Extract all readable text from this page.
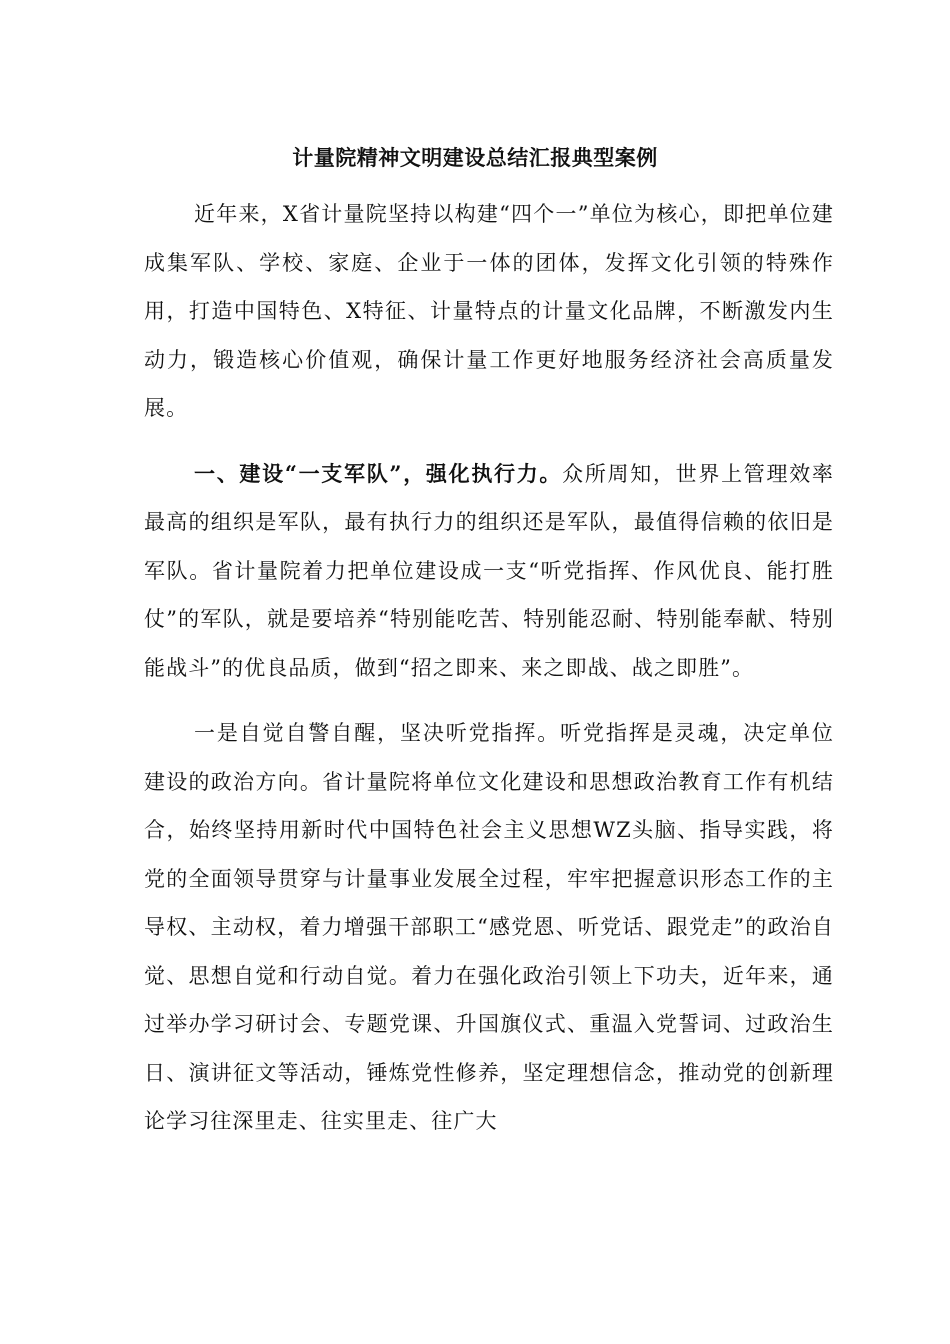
计量院精神文明建设总结汇报典型案例

近年来，X省计量院坚持以构建“四个一”单位为核心，即把单位建成集军队、学校、家庭、企业于一体的团体，发挥文化引领的特殊作用，打造中国特色、X特征、计量特点的计量文化品牌，不断激发内生动力，锻造核心价值观，确保计量工作更好地服务经济社会高质量发展。

一、建设“一支军队”，强化执行力。众所周知，世界上管理效率最高的组织是军队，最有执行力的组织还是军队，最值得信赖的依旧是军队。省计量院着力把单位建设成一支“听党指挥、作风优良、能打胜仗”的军队，就是要培养“特别能吃苦、特别能忍耐、特别能奉献、特别能战斗”的优良品质，做到“招之即来、来之即战、战之即胜”。

一是自觉自警自醒，坚决听党指挥。听党指挥是灵魂，决定单位建设的政治方向。省计量院将单位文化建设和思想政治教育工作有机结合，始终坚持用新时代中国特色社会主义思想WZ头脑、指导实践，将党的全面领导贯穿与计量事业发展全过程，牢牢把握意识形态工作的主导权、主动权，着力增强干部职工“感党恩、听党话、跟党走”的政治自觉、思想自觉和行动自觉。着力在强化政治引领上下功夫，近年来，通过举办学习研讨会、专题党课、升国旗仪式、重温入党誓词、过政治生日、演讲征文等活动，锤炼党性修养，坚定理想信念，推动党的创新理论学习往深里走、往实里走、往广大
